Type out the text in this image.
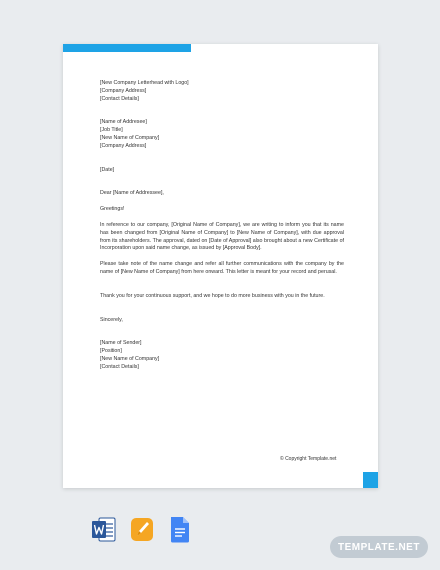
[New Company Letterhead with Logo]
[Company Address]
[Contact Details]
[Name of Addresee]
[Job Title]
[New Name of Company]
[Company Address]
[Date]
Dear [Name of Addressee],
Greetings!

In reference to our company, [Original Name of Company], we are writing to inform you that its name has been changed from [Original Name of Company] to [New Name of Company], with due approval from its shareholders. The approval, dated on [Date of Approval] also brought about a new Certificate of Incorporation upon said name change, as issued by [Approval Body].

Please take note of the name change and refer all further communications with the company by the name of [New Name of Company] from here onward. This letter is meant for your record and perusal.

Thank you for your continuous support, and we hope to do more business with you in the future.

Sincerely,
[Name of Sender]
[Position]
[New Name of Company]
[Contact Details]
© Copyright Template.net
TEMPLATE.NET
